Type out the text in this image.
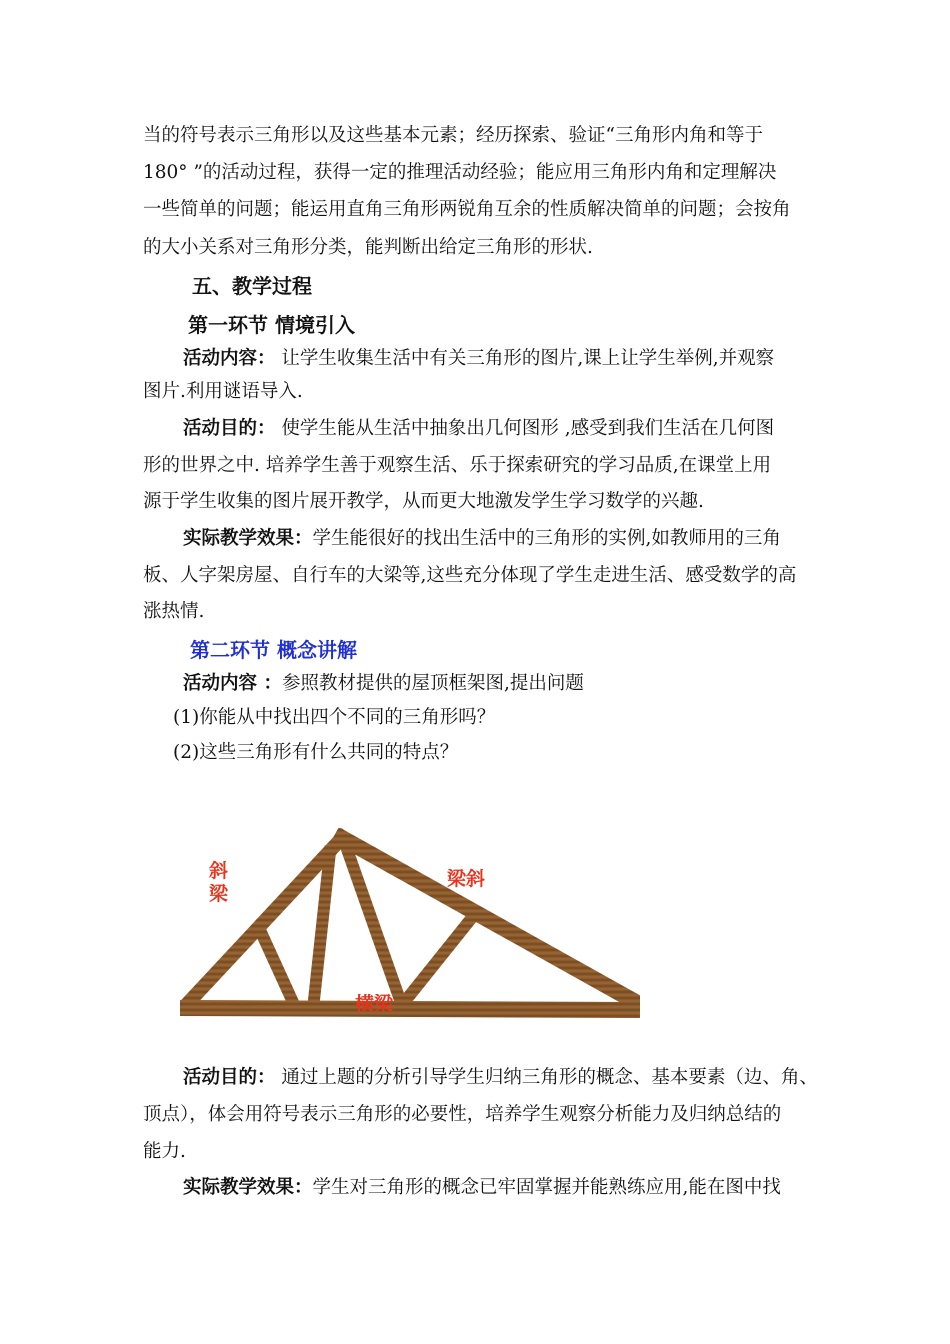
当的符号表示三角形以及这些基本元素；经历探索、验证“三角形内角和等于
180° ”的活动过程，获得一定的推理活动经验；能应用三角形内角和定理解决
一些简单的问题；能运用直角三角形两锐角互余的性质解决简单的问题；会按角
的大小关系对三角形分类，能判断出给定三角形的形状.
五、教学过程
第一环节 情境引入
活动内容： 让学生收集生活中有关三角形的图片,课上让学生举例,并观察
图片.利用谜语导入.
活动目的： 使学生能从生活中抽象出几何图形 ,感受到我们生活在几何图
形的世界之中. 培养学生善于观察生活、乐于探索研究的学习品质,在课堂上用
源于学生收集的图片展开教学，从而更大地激发学生学习数学的兴趣.
实际教学效果：学生能很好的找出生活中的三角形的实例,如教师用的三角
板、人字架房屋、自行车的大梁等,这些充分体现了学生走进生活、感受数学的高
涨热情.
第二环节 概念讲解
活动内容 ：参照教材提供的屋顶框架图,提出问题
(1)你能从中找出四个不同的三角形吗？
(2)这些三角形有什么共同的特点？
斜
梁
梁斜
横梁
活动目的： 通过上题的分析引导学生归纳三角形的概念、基本要素（边、角、
顶点），体会用符号表示三角形的必要性，培养学生观察分析能力及归纳总结的
能力.
实际教学效果：学生对三角形的概念已牢固掌握并能熟练应用,能在图中找
